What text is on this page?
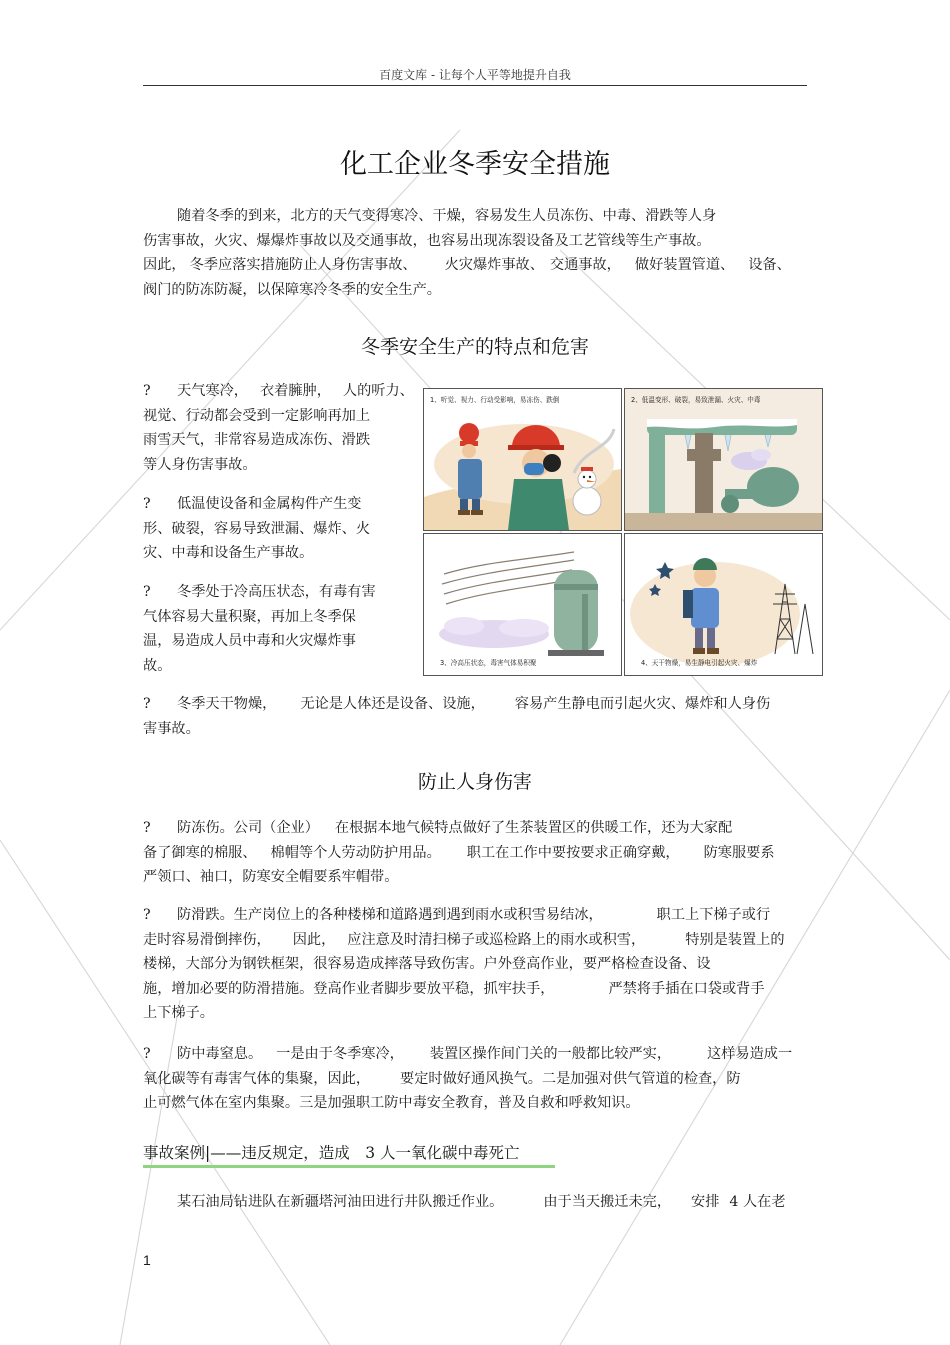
百度文库 - 让每个人平等地提升自我
化工企业冬季安全措施
随着冬季的到来，北方的天气变得寒冷、干燥，容易发生人员冻伤、中毒、滑跌等人身
伤害事故，火灾、爆爆炸事故以及交通事故，也容易出现冻裂设备及工艺管线等生产事故。
因此， 冬季应落实措施防止人身伤害事故、 火灾爆炸事故、 交通事故， 做好装置管道、 设备、
阀门的防冻防凝，以保障寒冷冬季的安全生产。
冬季安全生产的特点和危害
? 天气寒冷， 衣着臃肿， 人的听力、
视觉、行动都会受到一定影响再加上
雨雪天气，非常容易造成冻伤、滑跌
等人身伤害事故。
? 低温使设备和金属构件产生变
形、破裂，容易导致泄漏、爆炸、火
灾、中毒和设备生产事故。
? 冬季处于冷高压状态，有毒有害
气体容易大量积聚，再加上冬季保
温，易造成人员中毒和火灾爆炸事
故。
? 冬季天干物燥， 无论是人体还是设备、设施， 容易产生静电而引起火灾、爆炸和人身伤
害事故。
1、听觉、视力、行动受影响，易冻伤、跌倒	2、低温变形、破裂，易致泄漏、火灾、中毒
3、冷高压状态，毒害气体易积聚	4、天干物燥，易生静电引起火灾、爆炸
防止人身伤害
? 防冻伤。公司（企业） 在根据本地气候特点做好了生茶装置区的供暖工作，还为大家配
备了御寒的棉服、 棉帽等个人劳动防护用品。 职工在工作中要按要求正确穿戴， 防寒服要系
严领口、袖口，防寒安全帽要系牢帽带。
? 防滑跌。生产岗位上的各种楼梯和道路遇到遇到雨水或积雪易结冰，	职工上下梯子或行
走时容易滑倒摔伤， 因此， 应注意及时清扫梯子或巡检路上的雨水或积雪，	特别是装置上的
楼梯，大部分为钢铁框架，很容易造成摔落导致伤害。户外登高作业，要严格检查设备、设
施，增加必要的防滑措施。登高作业者脚步要放平稳，抓牢扶手，	严禁将手插在口袋或背手
上下梯子。
? 防中毒窒息。 一是由于冬季寒冷， 装置区操作间门关的一般都比较严实，	这样易造成一
氧化碳等有毒害气体的集聚，因此， 要定时做好通风换气。二是加强对供气管道的检查，防
止可燃气体在室内集聚。三是加强职工防中毒安全教育，普及自救和呼救知识。
事故案例|——违反规定，造成　3 人一氧化碳中毒死亡
某石油局钻进队在新疆塔河油田进行井队搬迁作业。	由于当天搬迁未完， 安排 4 人在老
1
